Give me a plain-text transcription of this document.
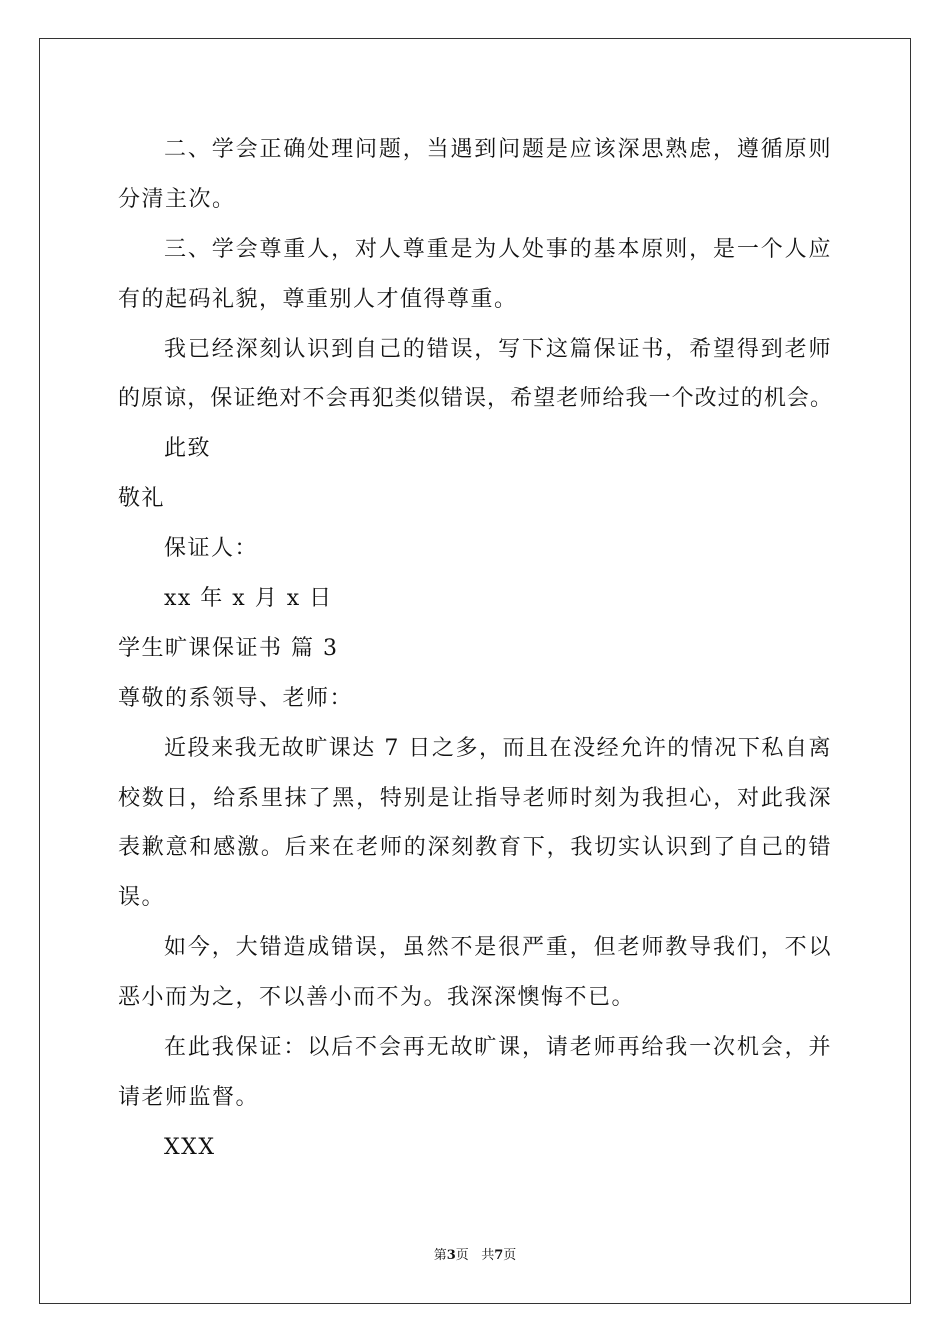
二、学会正确处理问题，当遇到问题是应该深思熟虑，遵循原则
分清主次。
三、学会尊重人，对人尊重是为人处事的基本原则，是一个人应
有的起码礼貌，尊重别人才值得尊重。
我已经深刻认识到自己的错误，写下这篇保证书，希望得到老师
的原谅，保证绝对不会再犯类似错误，希望老师给我一个改过的机会。
此致
敬礼
保证人：
xx 年 x 月 x 日
学生旷课保证书 篇 3
尊敬的系领导、老师：
近段来我无故旷课达 7 日之多，而且在没经允许的情况下私自离
校数日，给系里抹了黑，特别是让指导老师时刻为我担心，对此我深
表歉意和感激。后来在老师的深刻教育下，我切实认识到了自己的错
误。
如今，大错造成错误，虽然不是很严重，但老师教导我们，不以
恶小而为之，不以善小而不为。我深深懊悔不已。
在此我保证：以后不会再无故旷课，请老师再给我一次机会，并
请老师监督。
XXX
第3页 共7页
